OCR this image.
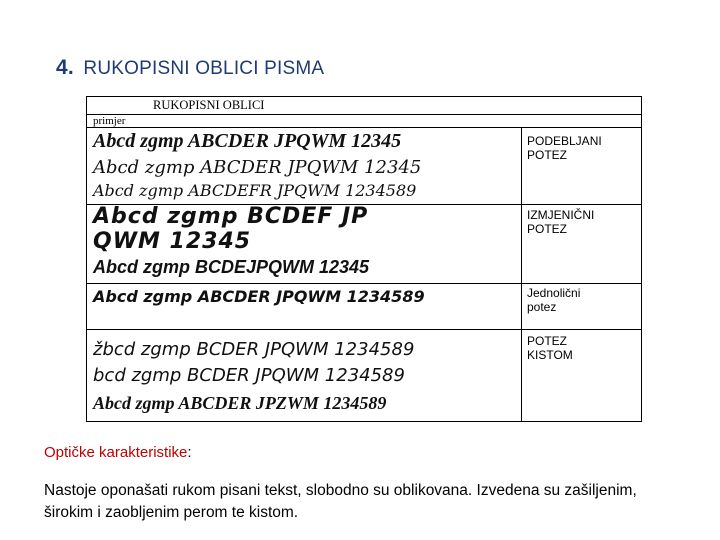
4. RUKOPISNI OBLICI PISMA
RUKOPISNI OBLICI
primjer
Abcd zgmp ABCDER JPQWM 12345
Abcd zgmp ABCDER JPQWM 12345
Abcd zgmp ABCDEFR JPQWM 1234589
PODEBLJANI POTEZ
Abcd zgmp BCDEF JP
QWM 12345
Abcd zgmp BCDEJPQWM 12345
IZMJENIČNI POTEZ
Abcd zgmp ABCDER JPQWM 1234589	Jednolični potez
žbcd zgmp BCDER JPQWM 1234589
bcd zgmp BCDER JPQWM 1234589
Abcd zgmp ABCDER JPZWM 1234589
POTEZ KISTOM
Optičke karakteristike:
Nastoje oponašati rukom pisani tekst, slobodno su oblikovana. Izvedena su zašiljenim, širokim i zaobljenim perom te kistom.
